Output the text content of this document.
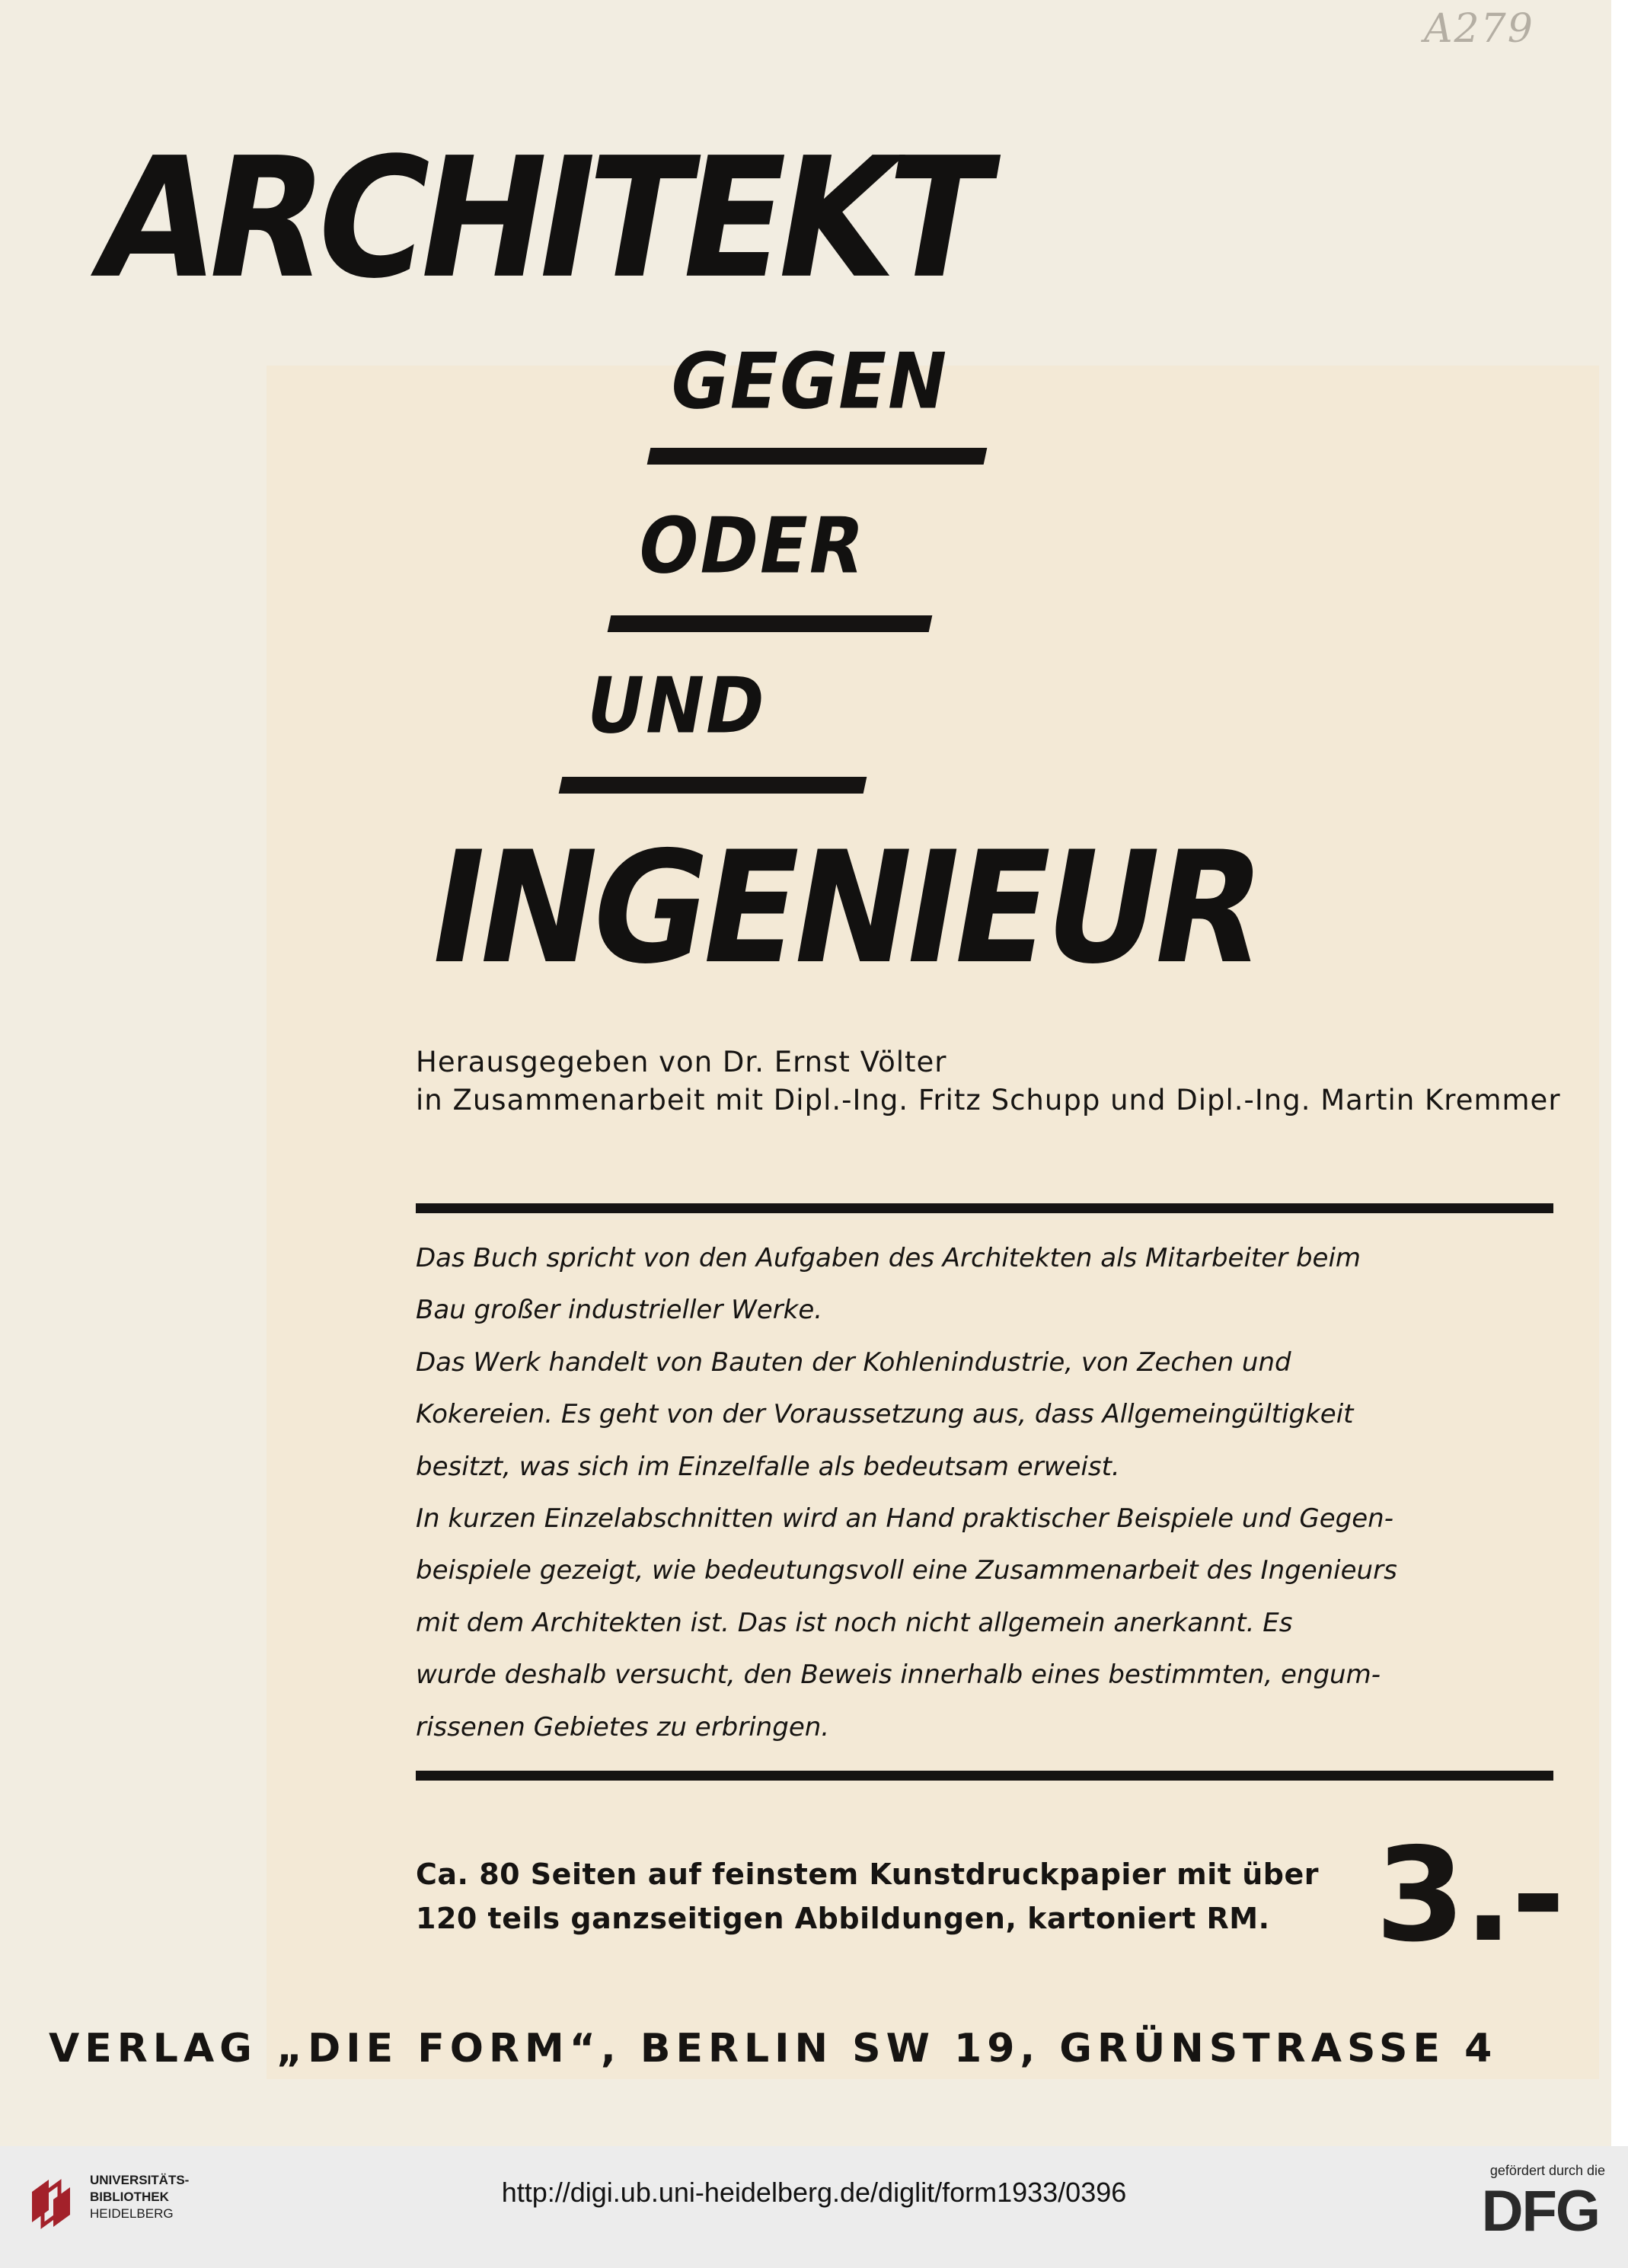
A279
ARCHITEKT
GEGEN
ODER
UND
INGENIEUR

Herausgegeben von Dr. Ernst Völter
in Zusammenarbeit mit Dipl.-Ing. Fritz Schupp und Dipl.-Ing. Martin Kremmer

Das Buch spricht von den Aufgaben des Architekten als Mitarbeiter beim
Bau großer industrieller Werke.
Das Werk handelt von Bauten der Kohlenindustrie, von Zechen und
Kokereien. Es geht von der Voraussetzung aus, dass Allgemeingültigkeit
besitzt, was sich im Einzelfalle als bedeutsam erweist.
In kurzen Einzelabschnitten wird an Hand praktischer Beispiele und Gegen-
beispiele gezeigt, wie bedeutungsvoll eine Zusammenarbeit des Ingenieurs
mit dem Architekten ist. Das ist noch nicht allgemein anerkannt. Es
wurde deshalb versucht, den Beweis innerhalb eines bestimmten, engum-
rissenen Gebietes zu erbringen.

Ca. 80 Seiten auf feinstem Kunstdruckpapier mit über
120 teils ganzseitigen Abbildungen, kartoniert RM. 3.-

VERLAG „DIE FORM“, BERLIN SW 19, GRÜNSTRASSE 4

UNIVERSITÄTS-
BIBLIOTHEK
HEIDELBERG
http://digi.ub.uni-heidelberg.de/diglit/form1933/0396
gefördert durch die
DFG
